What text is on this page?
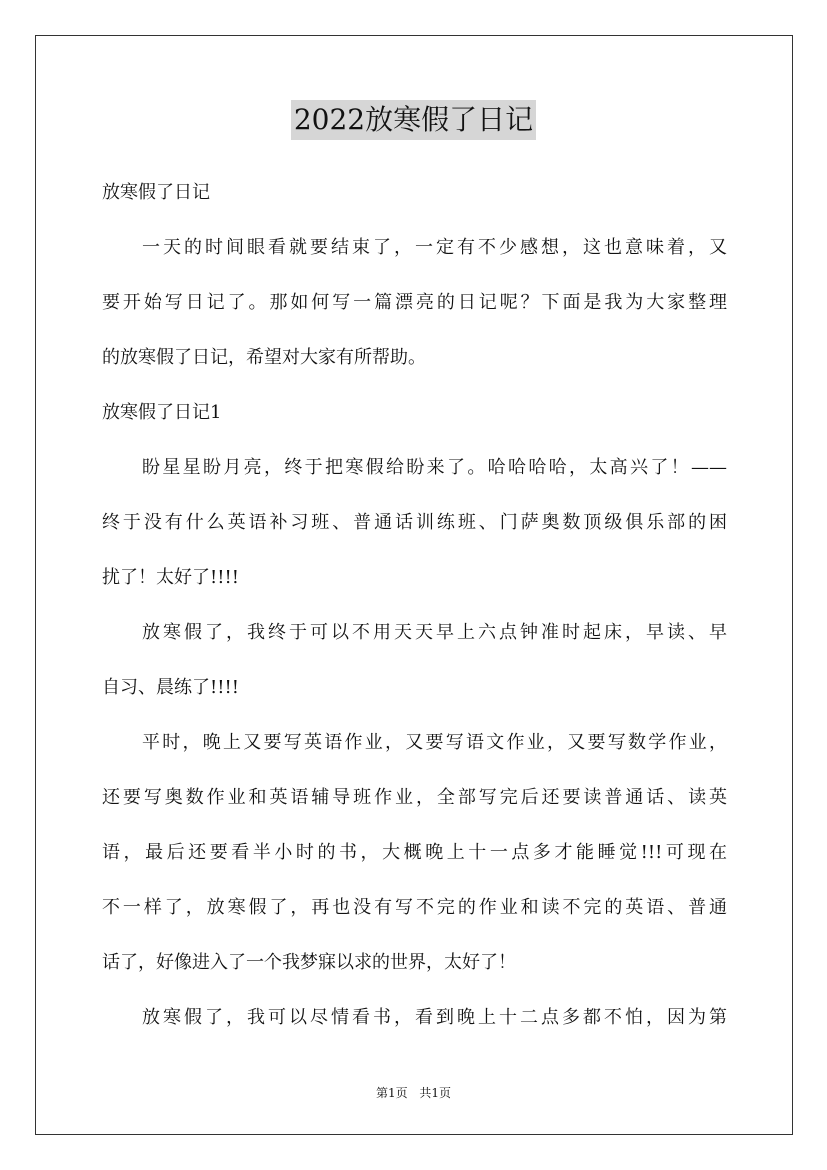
2022放寒假了日记
放寒假了日记
一天的时间眼看就要结束了，一定有不少感想，这也意味着，又
要开始写日记了。那如何写一篇漂亮的日记呢？下面是我为大家整理
的放寒假了日记，希望对大家有所帮助。
放寒假了日记1
盼星星盼月亮，终于把寒假给盼来了。哈哈哈哈，太高兴了！——
终于没有什么英语补习班、普通话训练班、门萨奥数顶级俱乐部的困
扰了！太好了!!!!
放寒假了，我终于可以不用天天早上六点钟准时起床，早读、早
自习、晨练了!!!!
平时，晚上又要写英语作业，又要写语文作业，又要写数学作业，
还要写奥数作业和英语辅导班作业，全部写完后还要读普通话、读英
语，最后还要看半小时的书，大概晚上十一点多才能睡觉!!!可现在
不一样了，放寒假了，再也没有写不完的作业和读不完的英语、普通
话了，好像进入了一个我梦寐以求的世界，太好了！
放寒假了，我可以尽情看书，看到晚上十二点多都不怕，因为第
第1页 共1页
